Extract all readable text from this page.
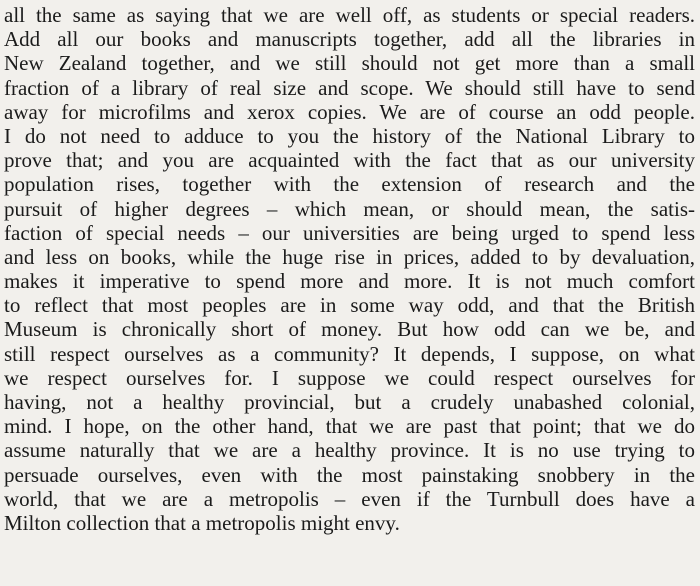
all the same as saying that we are well off, as students or special readers.
Add all our books and manuscripts together, add all the libraries in
New Zealand together, and we still should not get more than a small
fraction of a library of real size and scope. We should still have to send
away for microfilms and xerox copies. We are of course an odd people.
I do not need to adduce to you the history of the National Library to
prove that; and you are acquainted with the fact that as our university
population rises, together with the extension of research and the
pursuit of higher degrees – which mean, or should mean, the satis-
faction of special needs – our universities are being urged to spend less
and less on books, while the huge rise in prices, added to by devaluation,
makes it imperative to spend more and more. It is not much comfort
to reflect that most peoples are in some way odd, and that the British
Museum is chronically short of money. But how odd can we be, and
still respect ourselves as a community? It depends, I suppose, on what
we respect ourselves for. I suppose we could respect ourselves for
having, not a healthy provincial, but a crudely unabashed colonial,
mind. I hope, on the other hand, that we are past that point; that we do
assume naturally that we are a healthy province. It is no use trying to
persuade ourselves, even with the most painstaking snobbery in the
world, that we are a metropolis – even if the Turnbull does have a
Milton collection that a metropolis might envy.
